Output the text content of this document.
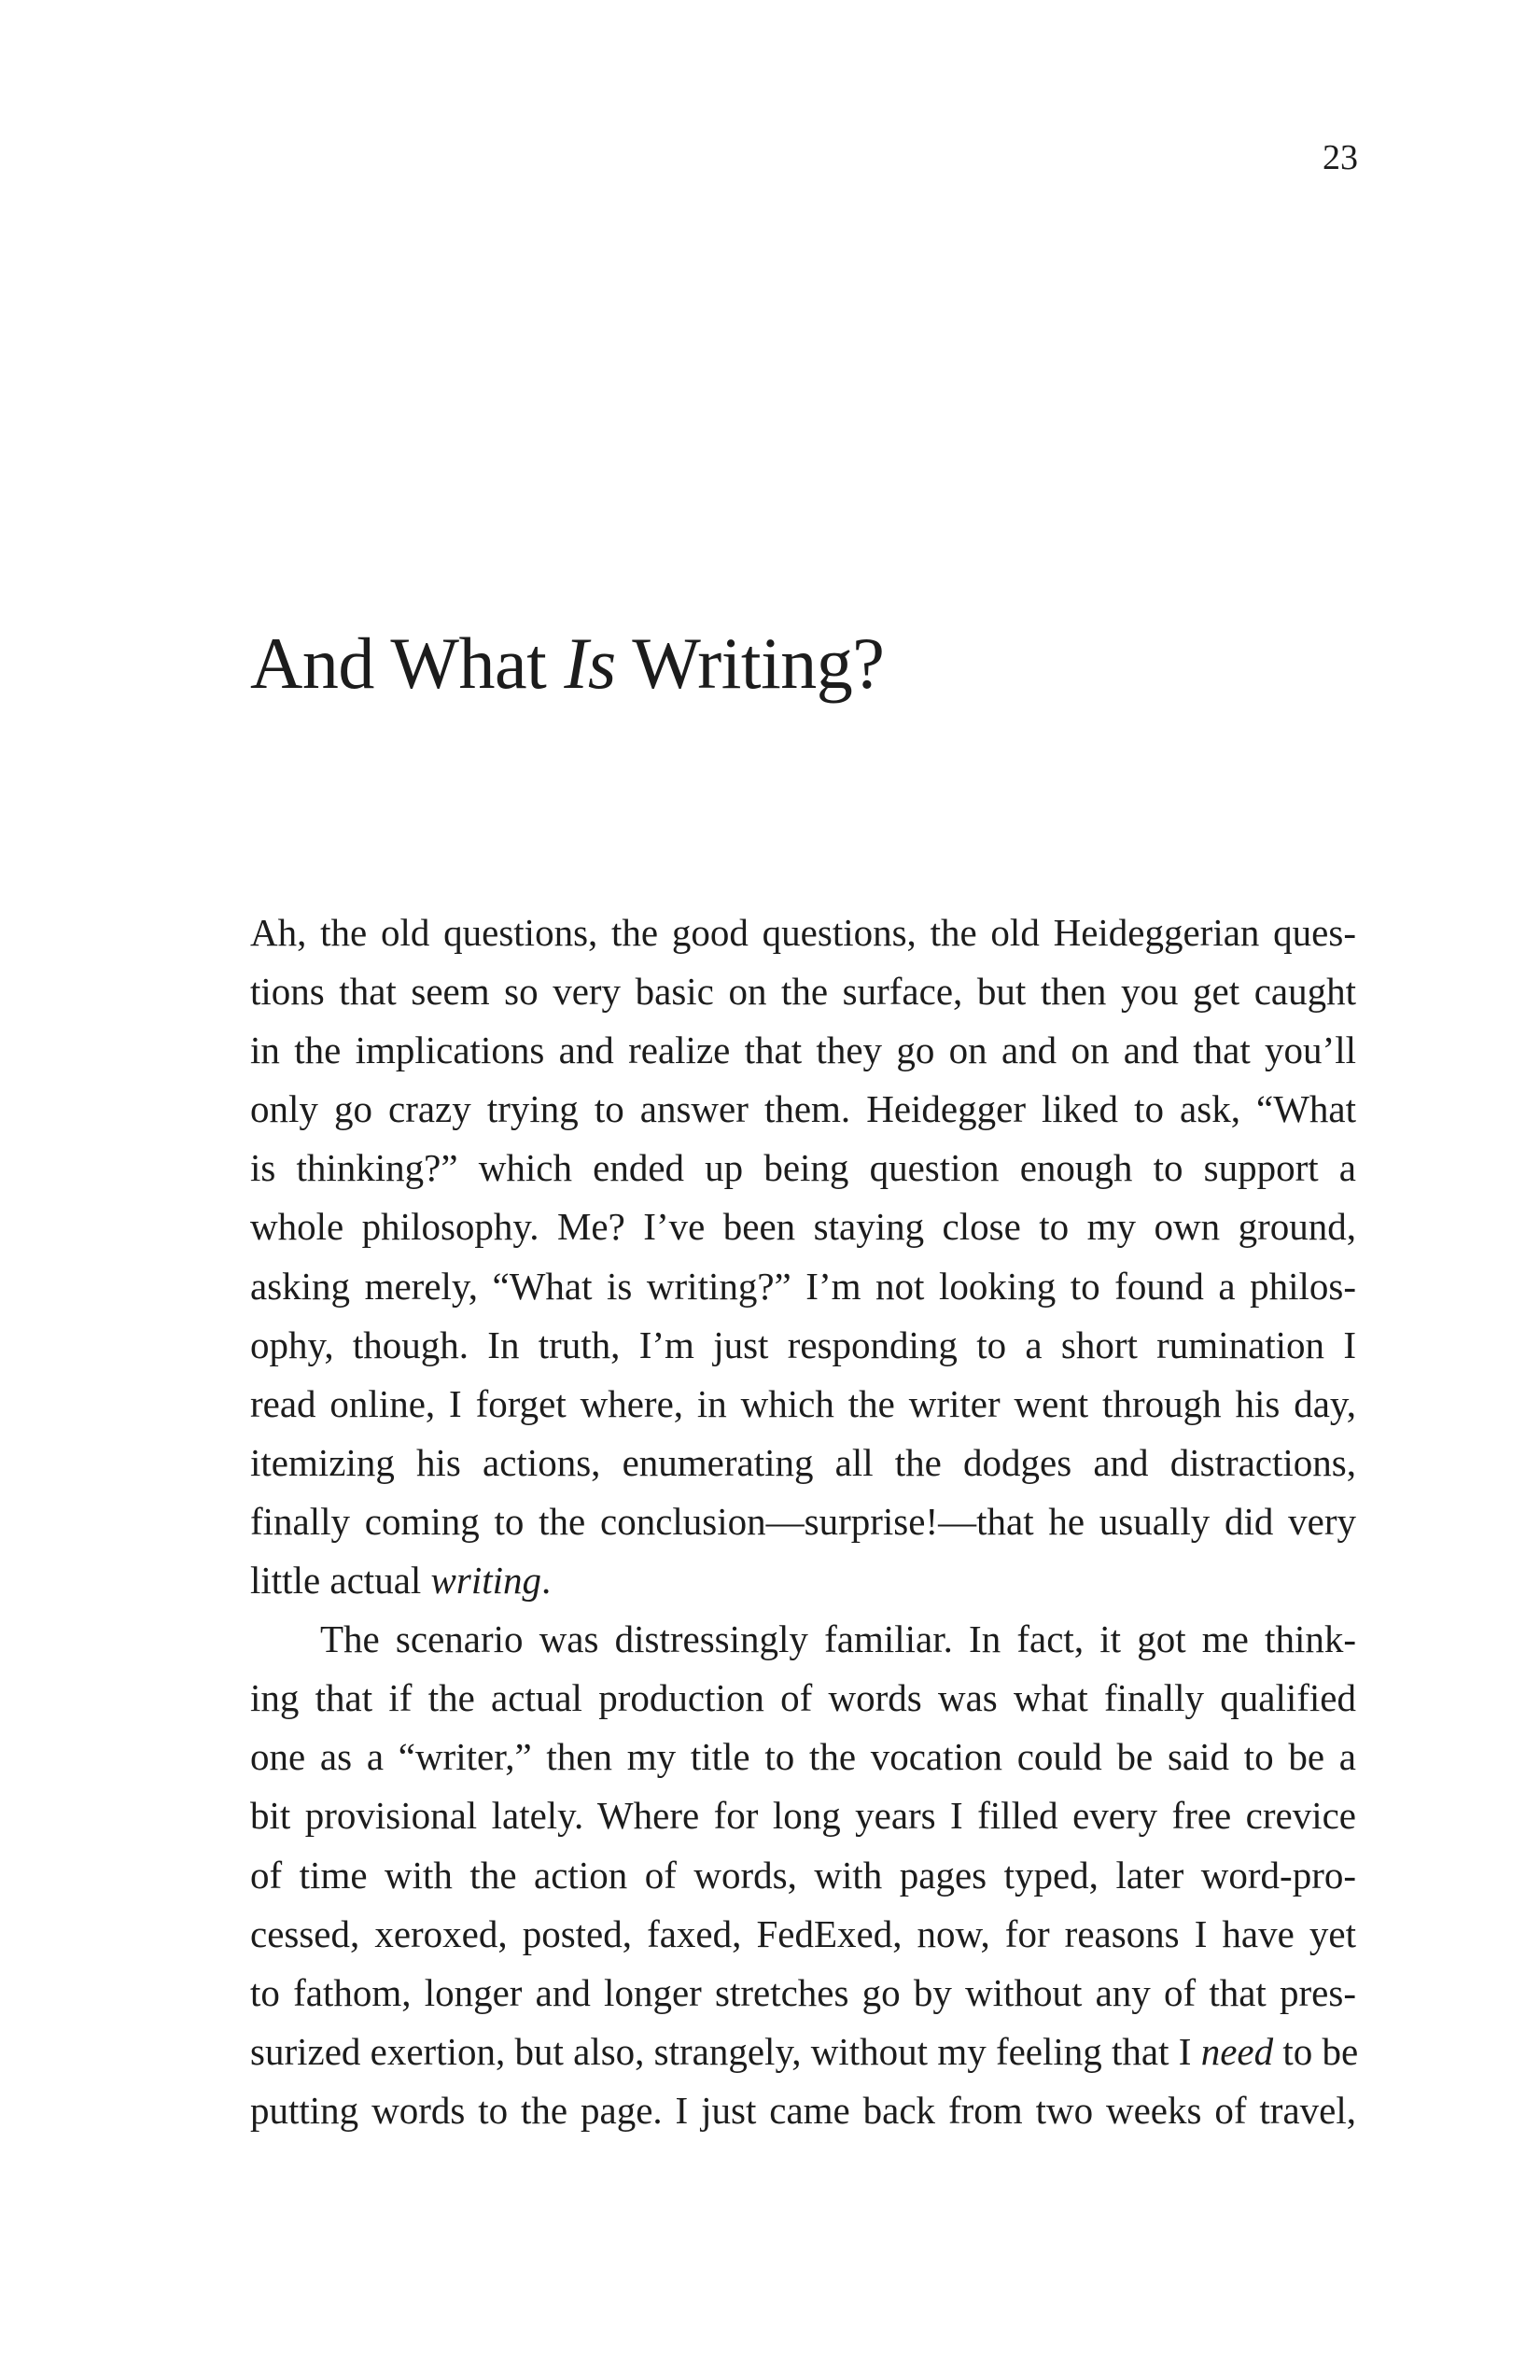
23
And What Is Writing?
Ah, the old questions, the good questions, the old Heideggerian ques-
tions that seem so very basic on the surface, but then you get caught
in the implications and realize that they go on and on and that you’ll
only go crazy trying to answer them. Heidegger liked to ask, “What
is thinking?” which ended up being question enough to support a
whole philosophy. Me? I’ve been staying close to my own ground,
asking merely, “What is writing?” I’m not looking to found a philos-
ophy, though. In truth, I’m just responding to a short rumination I
read online, I forget where, in which the writer went through his day,
itemizing his actions, enumerating all the dodges and distractions,
finally coming to the conclusion—surprise!—that he usually did very
little actual writing.
The scenario was distressingly familiar. In fact, it got me think-
ing that if the actual production of words was what finally qualified
one as a “writer,” then my title to the vocation could be said to be a
bit provisional lately. Where for long years I filled every free crevice
of time with the action of words, with pages typed, later word-pro-
cessed, xeroxed, posted, faxed, FedExed, now, for reasons I have yet
to fathom, longer and longer stretches go by without any of that pres-
surized exertion, but also, strangely, without my feeling that I need to be
putting words to the page. I just came back from two weeks of travel,
